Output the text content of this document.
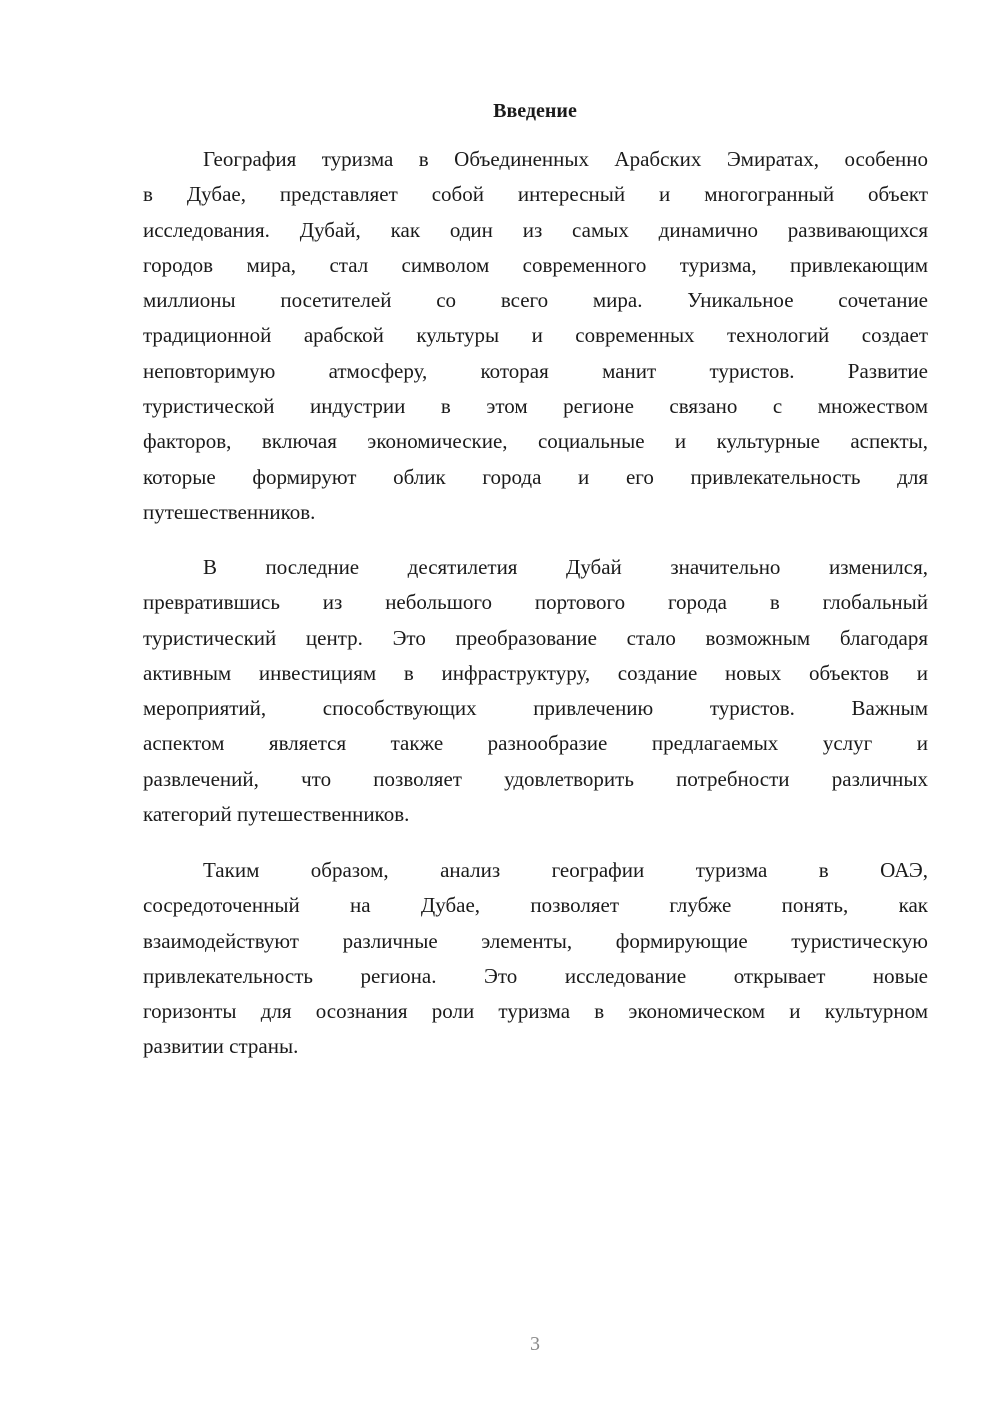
Введение
География туризма в Объединенных Арабских Эмиратах, особенно
в Дубае, представляет собой интересный и многогранный объект
исследования. Дубай, как один из самых динамично развивающихся
городов мира, стал символом современного туризма, привлекающим
миллионы посетителей со всего мира. Уникальное сочетание
традиционной арабской культуры и современных технологий создает
неповторимую атмосферу, которая манит туристов. Развитие
туристической индустрии в этом регионе связано с множеством
факторов, включая экономические, социальные и культурные аспекты,
которые формируют облик города и его привлекательность для
путешественников.
В последние десятилетия Дубай значительно изменился,
превратившись из небольшого портового города в глобальный
туристический центр. Это преобразование стало возможным благодаря
активным инвестициям в инфраструктуру, создание новых объектов и
мероприятий, способствующих привлечению туристов. Важным
аспектом является также разнообразие предлагаемых услуг и
развлечений, что позволяет удовлетворить потребности различных
категорий путешественников.
Таким образом, анализ географии туризма в ОАЭ,
сосредоточенный на Дубае, позволяет глубже понять, как
взаимодействуют различные элементы, формирующие туристическую
привлекательность региона. Это исследование открывает новые
горизонты для осознания роли туризма в экономическом и культурном
развитии страны.
3
